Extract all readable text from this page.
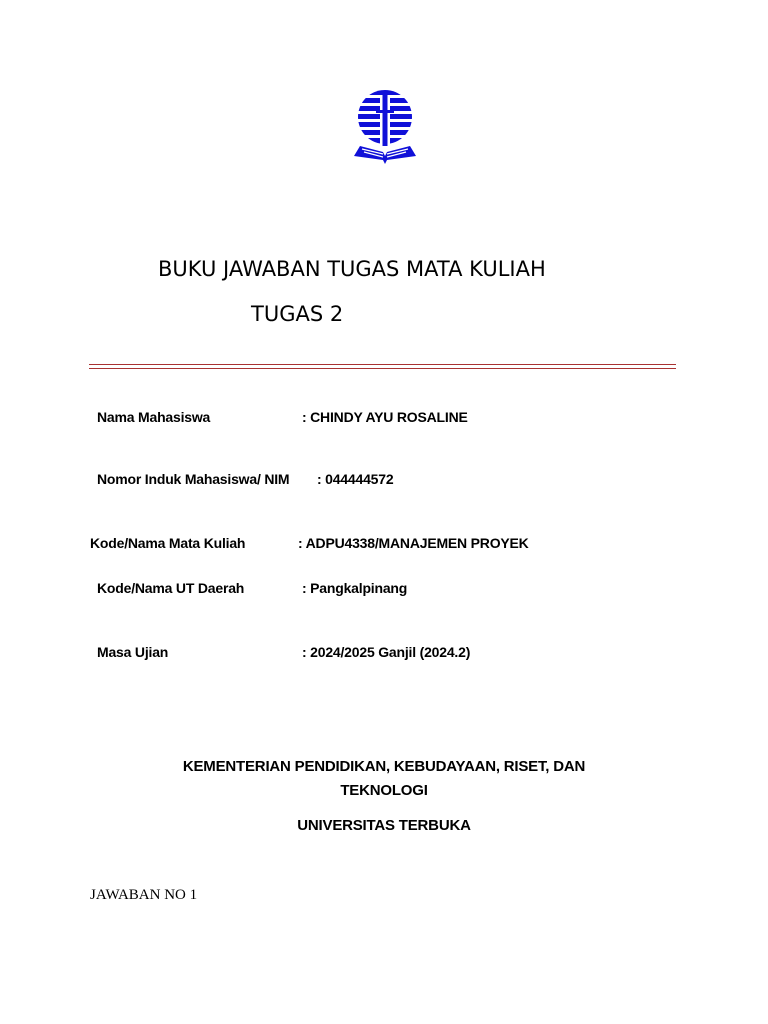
BUKU JAWABAN TUGAS MATA KULIAH
TUGAS 2
Nama Mahasiswa	: CHINDY AYU ROSALINE
Nomor Induk Mahasiswa/ NIM : 044444572
Kode/Nama Mata Kuliah	: ADPU4338/MANAJEMEN PROYEK
Kode/Nama UT Daerah	: Pangkalpinang
Masa Ujian	: 2024/2025 Ganjil (2024.2)
KEMENTERIAN PENDIDIKAN, KEBUDAYAAN, RISET, DAN
TEKNOLOGI
UNIVERSITAS TERBUKA
JAWABAN NO 1
